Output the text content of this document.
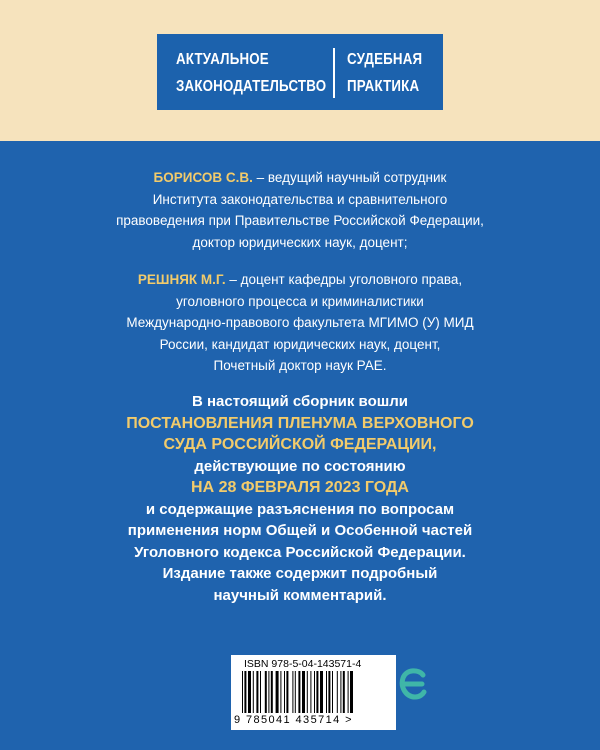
АКТУАЛЬНОЕ
ЗАКОНОДАТЕЛЬСТВО
СУДЕБНАЯ
ПРАКТИКА
БОРИСОВ С.В. – ведущий научный сотрудник
Института законодательства и сравнительного
правоведения при Правительстве Российской Федерации,
доктор юридических наук, доцент;
РЕШНЯК М.Г. – доцент кафедры уголовного права,
уголовного процесса и криминалистики
Международно-правового факультета МГИМО (У) МИД
России, кандидат юридических наук, доцент,
Почетный доктор наук РАЕ.
В настоящий сборник вошли
ПОСТАНОВЛЕНИЯ ПЛЕНУМА ВЕРХОВНОГО
СУДА РОССИЙСКОЙ ФЕДЕРАЦИИ,
действующие по состоянию
НА 28 ФЕВРАЛЯ 2023 ГОДА
и содержащие разъяснения по вопросам
применения норм Общей и Особенной частей
Уголовного кодекса Российской Федерации.
Издание также содержит подробный
научный комментарий.
ISBN 978-5-04-143571-4
9 785041 435714 >
